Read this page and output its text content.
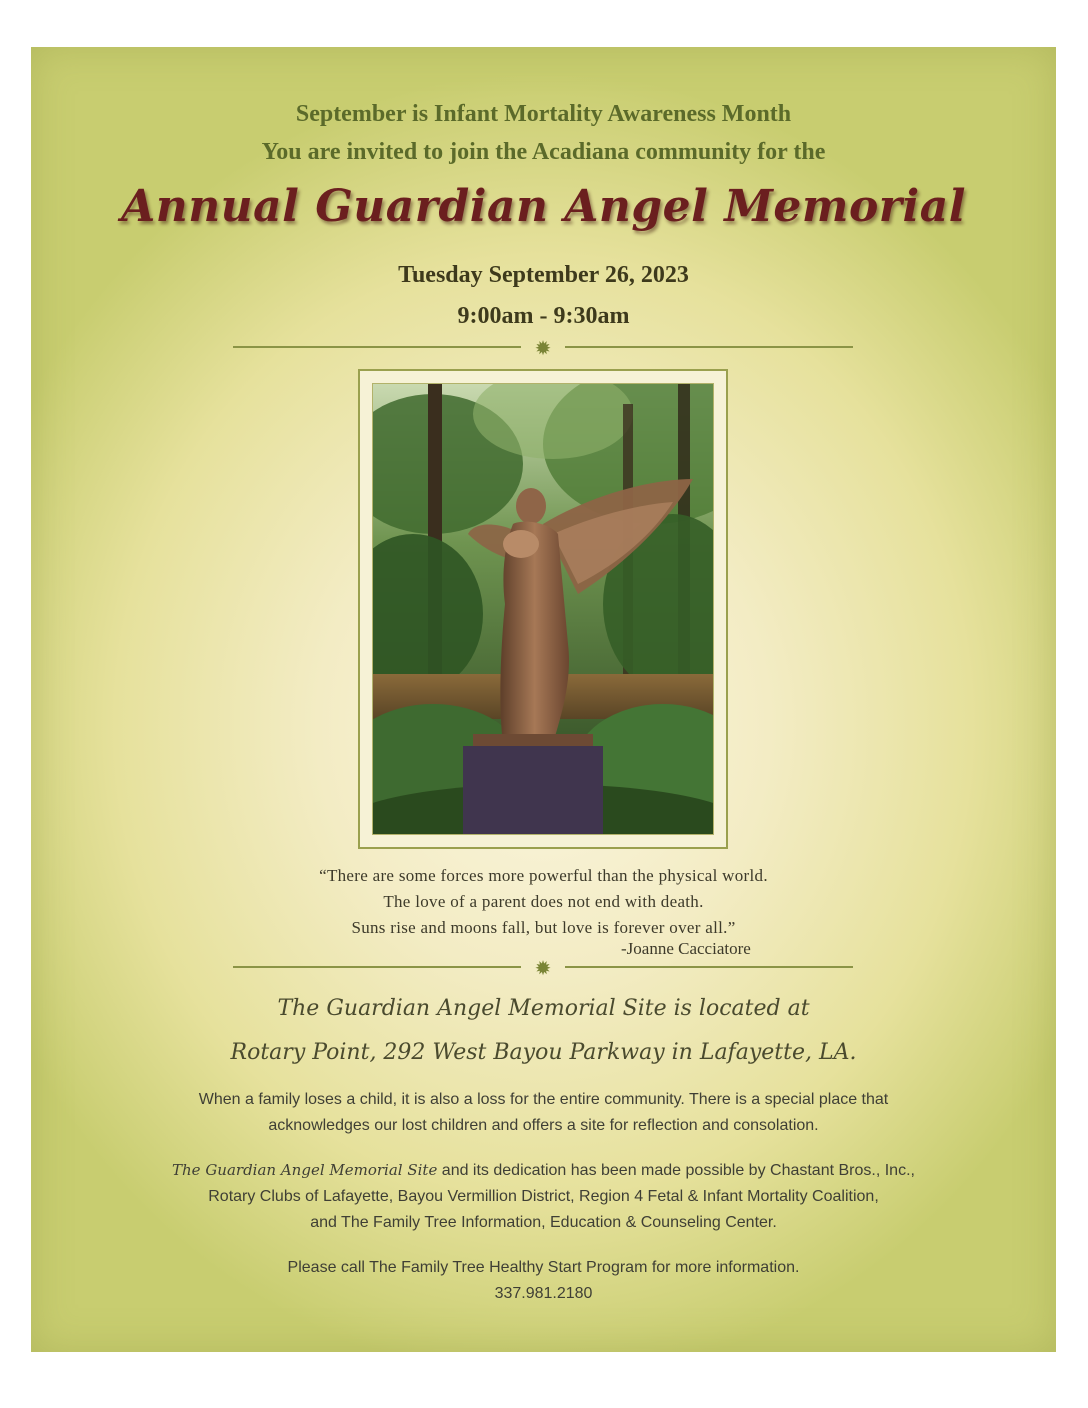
September is Infant Mortality Awareness Month
You are invited to join the Acadiana community for the
Annual Guardian Angel Memorial
Tuesday September 26, 2023
9:00am - 9:30am
✹
“There are some forces more powerful than the physical world.
The love of a parent does not end with death.
Suns rise and moons fall, but love is forever over all.”
-Joanne Cacciatore
✹
The Guardian Angel Memorial Site is located at
Rotary Point, 292 West Bayou Parkway in Lafayette, LA.
When a family loses a child, it is also a loss for the entire community. There is a special place that
acknowledges our lost children and offers a site for reflection and consolation.
The Guardian Angel Memorial Site and its dedication has been made possible by Chastant Bros., Inc.,
Rotary Clubs of Lafayette, Bayou Vermillion District, Region 4 Fetal & Infant Mortality Coalition,
and The Family Tree Information, Education & Counseling Center.
Please call The Family Tree Healthy Start Program for more information.
337.981.2180
